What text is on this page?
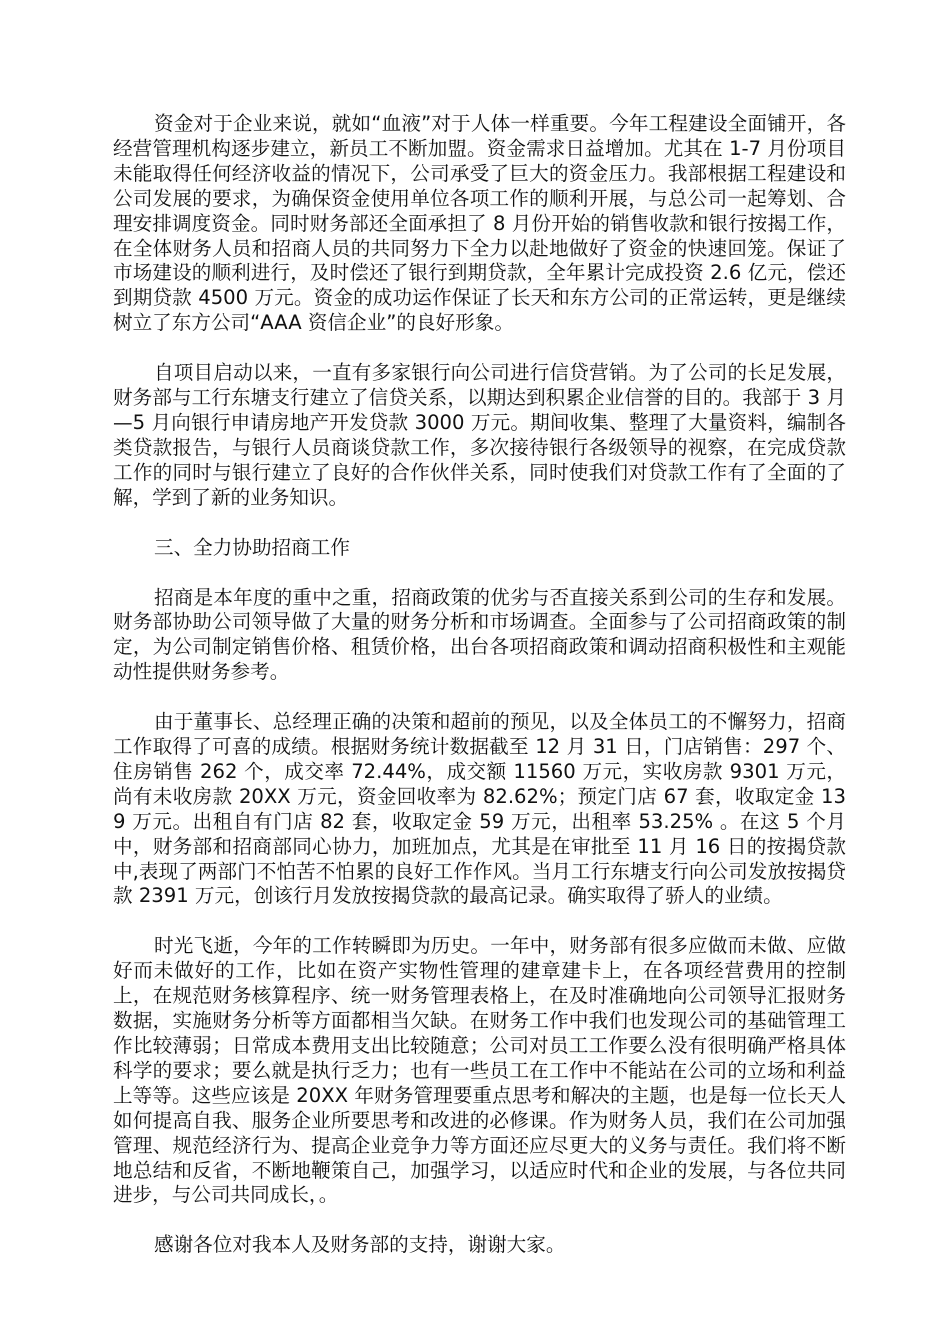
资金对于企业来说，就如“血液”对于人体一样重要。今年工程建设全面铺开，各经营管理机构逐步建立，新员工不断加盟。资金需求日益增加。尤其在 1-7 月份项目未能取得任何经济收益的情况下，公司承受了巨大的资金压力。我部根据工程建设和公司发展的要求，为确保资金使用单位各项工作的顺利开展，与总公司一起筹划、合理安排调度资金。同时财务部还全面承担了 8 月份开始的销售收款和银行按揭工作，在全体财务人员和招商人员的共同努力下全力以赴地做好了资金的快速回笼。保证了市场建设的顺利进行，及时偿还了银行到期贷款，全年累计完成投资 2.6 亿元，偿还到期贷款 4500 万元。资金的成功运作保证了长天和东方公司的正常运转，更是继续树立了东方公司“AAA 资信企业”的良好形象。

自项目启动以来，一直有多家银行向公司进行信贷营销。为了公司的长足发展，财务部与工行东塘支行建立了信贷关系，以期达到积累企业信誉的目的。我部于 3 月—5 月向银行申请房地产开发贷款 3000 万元。期间收集、整理了大量资料，编制各类贷款报告，与银行人员商谈贷款工作，多次接待银行各级领导的视察，在完成贷款工作的同时与银行建立了良好的合作伙伴关系，同时使我们对贷款工作有了全面的了解，学到了新的业务知识。

三、全力协助招商工作

招商是本年度的重中之重，招商政策的优劣与否直接关系到公司的生存和发展。财务部协助公司领导做了大量的财务分析和市场调查。全面参与了公司招商政策的制定，为公司制定销售价格、租赁价格，出台各项招商政策和调动招商积极性和主观能动性提供财务参考。

由于董事长、总经理正确的决策和超前的预见，以及全体员工的不懈努力，招商工作取得了可喜的成绩。根据财务统计数据截至 12 月 31 日，门店销售：297 个、住房销售 262 个，成交率 72.44%，成交额 11560 万元，实收房款 9301 万元，尚有未收房款 20XX 万元，资金回收率为 82.62%；预定门店 67 套，收取定金 139 万元。出租自有门店 82 套，收取定金 59 万元，出租率 53.25% 。在这 5 个月中，财务部和招商部同心协力，加班加点，尤其是在审批至 11 月 16 日的按揭贷款中,表现了两部门不怕苦不怕累的良好工作作风。当月工行东塘支行向公司发放按揭贷款 2391 万元，创该行月发放按揭贷款的最高记录。确实取得了骄人的业绩。

时光飞逝，今年的工作转瞬即为历史。一年中，财务部有很多应做而未做、应做好而未做好的工作，比如在资产实物性管理的建章建卡上，在各项经营费用的控制上，在规范财务核算程序、统一财务管理表格上，在及时准确地向公司领导汇报财务数据，实施财务分析等方面都相当欠缺。在财务工作中我们也发现公司的基础管理工作比较薄弱；日常成本费用支出比较随意；公司对员工工作要么没有很明确严格具体科学的要求；要么就是执行乏力；也有一些员工在工作中不能站在公司的立场和利益上等等。这些应该是 20XX 年财务管理要重点思考和解决的主题，也是每一位长天人如何提高自我、服务企业所要思考和改进的必修课。作为财务人员，我们在公司加强管理、规范经济行为、提高企业竞争力等方面还应尽更大的义务与责任。我们将不断地总结和反省，不断地鞭策自己，加强学习，以适应时代和企业的发展，与各位共同进步，与公司共同成长，。

感谢各位对我本人及财务部的支持，谢谢大家。
